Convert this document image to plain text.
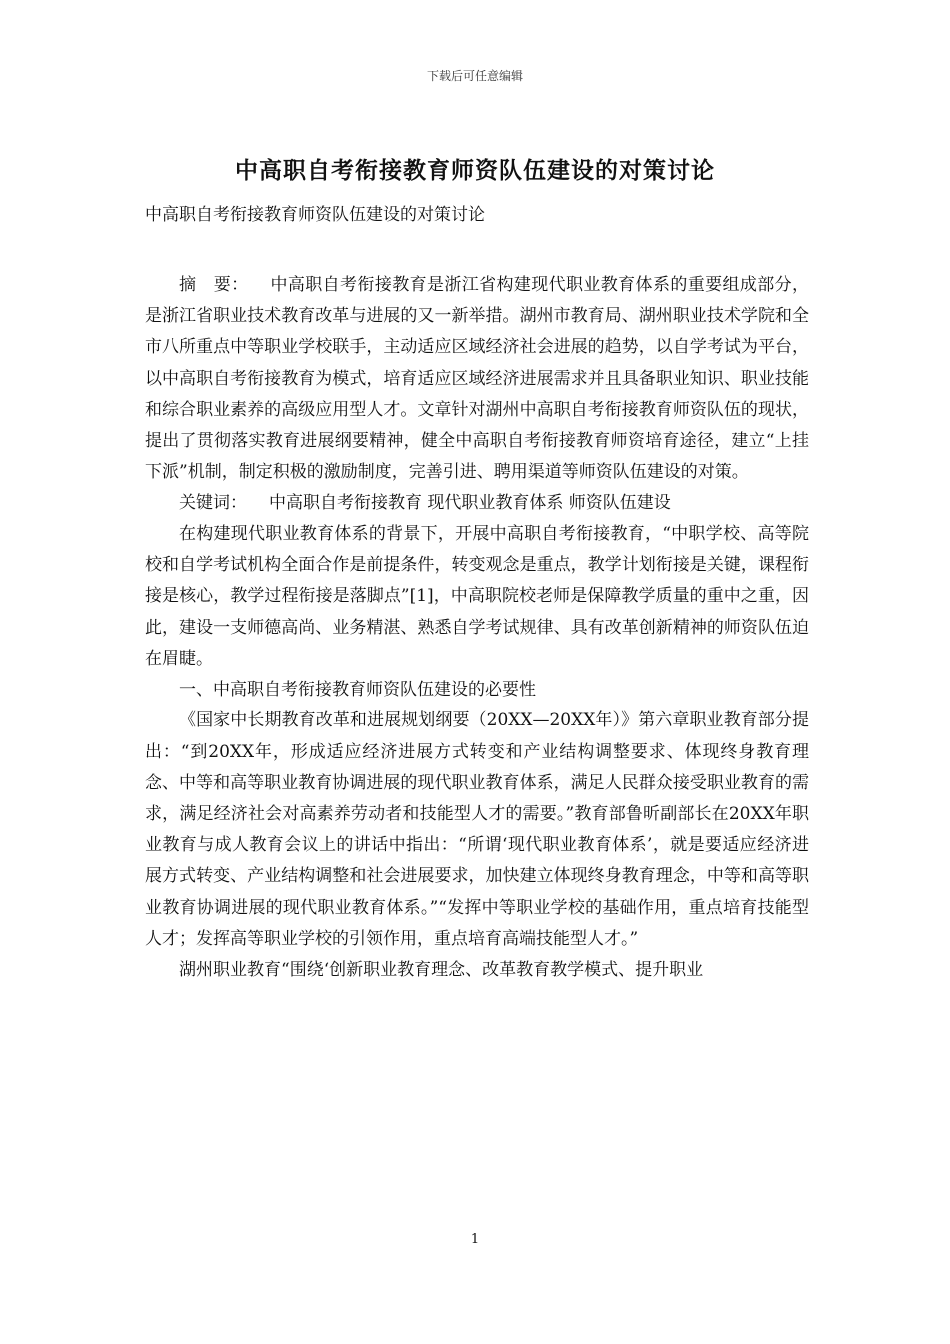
下载后可任意编辑
中高职自考衔接教育师资队伍建设的对策讨论
中高职自考衔接教育师资队伍建设的对策讨论

摘　要： 中高职自考衔接教育是浙江省构建现代职业教育体系的重要组成部分，是浙江省职业技术教育改革与进展的又一新举措。湖州市教育局、湖州职业技术学院和全市八所重点中等职业学校联手，主动适应区域经济社会进展的趋势，以自学考试为平台，以中高职自考衔接教育为模式，培育适应区域经济进展需求并且具备职业知识、职业技能和综合职业素养的高级应用型人才。文章针对湖州中高职自考衔接教育师资队伍的现状，提出了贯彻落实教育进展纲要精神，健全中高职自考衔接教育师资培育途径，建立“上挂下派”机制，制定积极的激励制度，完善引进、聘用渠道等师资队伍建设的对策。

关键词： 中高职自考衔接教育 现代职业教育体系 师资队伍建设

在构建现代职业教育体系的背景下，开展中高职自考衔接教育，“中职学校、高等院校和自学考试机构全面合作是前提条件，转变观念是重点，教学计划衔接是关键，课程衔接是核心，教学过程衔接是落脚点”[1]，中高职院校老师是保障教学质量的重中之重，因此，建设一支师德高尚、业务精湛、熟悉自学考试规律、具有改革创新精神的师资队伍迫在眉睫。

一、中高职自考衔接教育师资队伍建设的必要性

《国家中长期教育改革和进展规划纲要（20XX—20XX年）》第六章职业教育部分提出：“到20XX年，形成适应经济进展方式转变和产业结构调整要求、体现终身教育理念、中等和高等职业教育协调进展的现代职业教育体系，满足人民群众接受职业教育的需求，满足经济社会对高素养劳动者和技能型人才的需要。”教育部鲁昕副部长在20XX年职业教育与成人教育会议上的讲话中指出：“所谓‘现代职业教育体系’，就是要适应经济进展方式转变、产业结构调整和社会进展要求，加快建立体现终身教育理念，中等和高等职业教育协调进展的现代职业教育体系。”“发挥中等职业学校的基础作用，重点培育技能型人才；发挥高等职业学校的引领作用，重点培育高端技能型人才。”

湖州职业教育“围绕‘创新职业教育理念、改革教育教学模式、提升职业

1
